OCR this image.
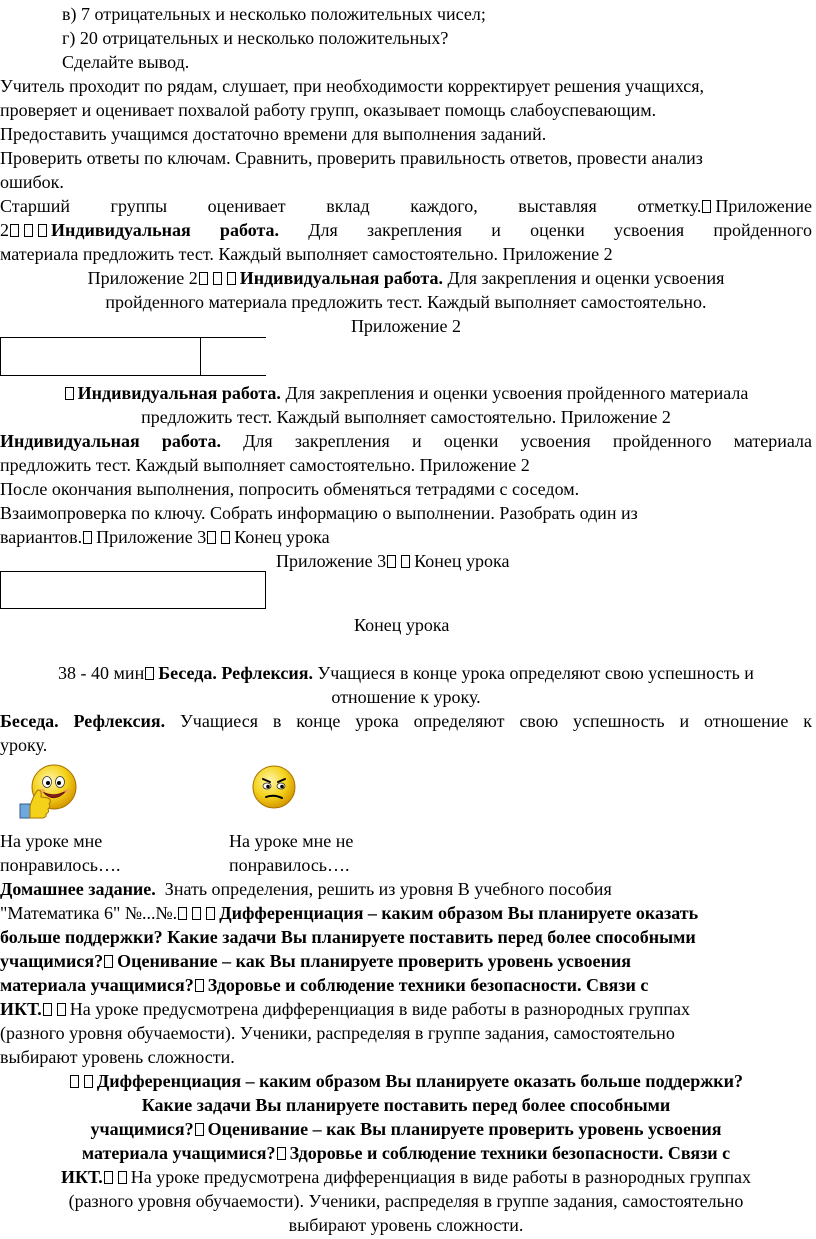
в) 7 отрицательных и несколько положительных чисел;
г) 20 отрицательных и несколько положительных?
Сделайте вывод.
Учитель проходит по рядам, слушает, при необходимости корректирует решения учащихся,
проверяет и оценивает похвалой работу групп, оказывает помощь слабоуспевающим.
Предоставить учащимся достаточно времени для выполнения заданий.
Проверить ответы по ключам. Сравнить, проверить правильность ответов, провести анализ
ошибок.
Старший группы оценивает вклад каждого, выставляя отметку. Приложение
2 Индивидуальная работа. Для закрепления и оценки усвоения пройденного
материала предложить тест. Каждый выполняет самостоятельно. Приложение 2
Приложение 2 Индивидуальная работа. Для закрепления и оценки усвоения
пройденного материала предложить тест. Каждый выполняет самостоятельно.
Приложение 2
Индивидуальная работа. Для закрепления и оценки усвоения пройденного материала
предложить тест. Каждый выполняет самостоятельно. Приложение 2
Индивидуальная работа. Для закрепления и оценки усвоения пройденного материала
предложить тест. Каждый выполняет самостоятельно. Приложение 2
После окончания выполнения, попросить обменяться тетрадями с соседом.
Взаимопроверка по ключу. Собрать информацию о выполнении. Разобрать один из
вариантов. Приложение 3 Конец урока
Приложение 3 Конец урока
Конец урока
38 - 40 мин Беседа. Рефлексия. Учащиеся в конце урока определяют свою успешность и
отношение к уроку.
Беседа. Рефлексия. Учащиеся в конце урока определяют свою успешность и отношение к
уроку.
На уроке мне
понравилось….
На уроке мне не
понравилось….
Домашнее задание. Знать определения, решить из уровня В учебного пособия
"Математика 6" №...№. Дифференциация – каким образом Вы планируете оказать
больше поддержки? Какие задачи Вы планируете поставить перед более способными
учащимися? Оценивание – как Вы планируете проверить уровень усвоения
материала учащимися? Здоровье и соблюдение техники безопасности. Связи с
ИКТ. На уроке предусмотрена дифференциация в виде работы в разнородных группах
(разного уровня обучаемости). Ученики, распределяя в группе задания, самостоятельно
выбирают уровень сложности.
Дифференциация – каким образом Вы планируете оказать больше поддержки?
Какие задачи Вы планируете поставить перед более способными
учащимися? Оценивание – как Вы планируете проверить уровень усвоения
материала учащимися? Здоровье и соблюдение техники безопасности. Связи с
ИКТ. На уроке предусмотрена дифференциация в виде работы в разнородных группах
(разного уровня обучаемости). Ученики, распределяя в группе задания, самостоятельно
выбирают уровень сложности.
